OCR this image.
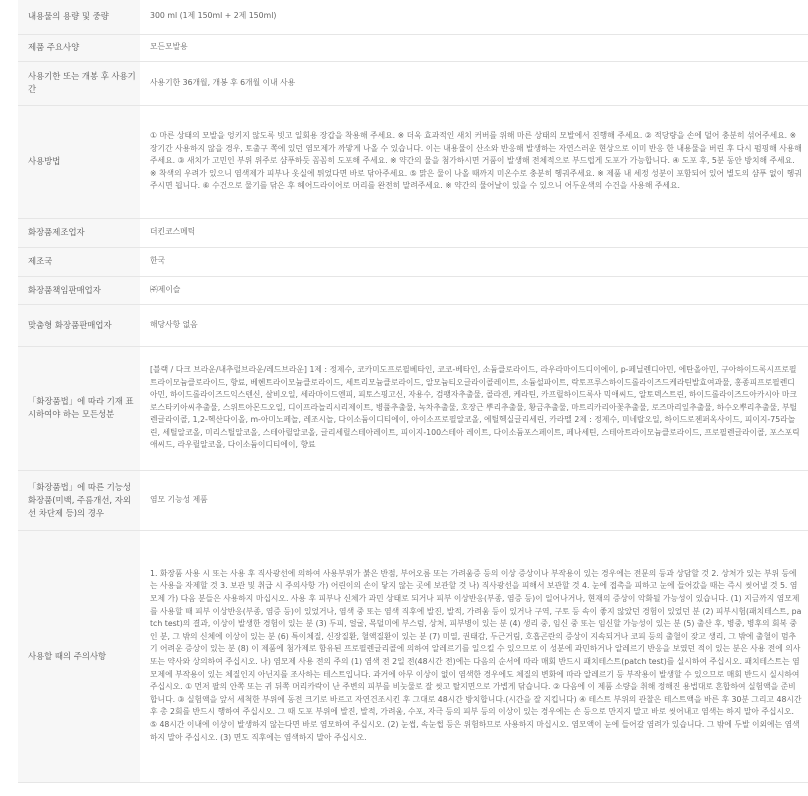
내용물의 용량 및 중량	300 ml (1제 150ml + 2제 150ml)
제품 주요사양	모든모발용
사용기한 또는 개봉 후 사용기간	사용기한 36개월, 개봉 후 6개월 이내 사용
사용방법	① 마른 상태의 모발을 엉키지 않도록 빗고 일회용 장갑을 착용해 주세요. ※ 더욱 효과적인 새치 커버를 위해 마른 상태의 모발에서 진행해 주세요. ② 적당량을 손에 덜어 충분히 섞어주세요. ※ 장기간 사용하지 않을 경우, 토출구 쪽에 있던 염모제가 까맣게 나올 수 있습니다. 이는 내용물이 산소와 반응해 발생하는 자연스러운 현상으로 이미 반응 한 내용물을 버린 후 다시 펌핑해 사용해 주세요. ③ 새치가 고민인 부위 위주로 샴푸하듯 꼼꼼히 도포해 주세요. ※ 약간의 물을 첨가하시면 거품이 발생해 전체적으로 부드럽게 도포가 가능합니다. ④ 도포 후, 5분 동안 방치해 주세요. ※ 착색의 우려가 있으니 염색제가 피부나 옷실에 튀었다면 바로 닦아주세요. ⑤ 맑은 물이 나올 때까지 미온수로 충분히 헹궈주세요. ※ 제품 내 세정 성분이 포함되어 있어 별도의 샴푸 없이 헹궈주시면 됩니다. ⑥ 수건으로 물기를 닦은 후 헤어드라이어로 머리를 완전히 말려주세요. ※ 약간의 물어날이 있을 수 있으니 어두운색의 수건을 사용해 주세요.
화장품제조업자	더킨코스메틱
제조국	한국
화장품책임판매업자	㈜제이슬
맞춤형 화장품판매업자	해당사항 없음
「화장품법」에 따라 기재 표시하여야 하는 모든성분	[블랙 / 다크 브라운/내추럴브라운/레드브라운] 1제 : 정제수, 코카미도프로필베타인, 코코-베타인, 소듐클로라이드, 라우라마이드디이에이, p-페닐렌디아민, 에탄올아민, 구아하이드록시프로필트라이모늄클로라이드, 향료, 베헨트라이모늄클로라이드, 세트리모늄클로라이드, 알모늄티오글라이콜레이트, 소듐설파이트, 락토프루스하이드롤라이즈드케라틴발효여과물, 홍종피프로필렌디아민, 하이드롤라이즈드익스텐신, 살비오일, 세라마이드엔피, 피토스핑고신, 자용수, 검팽자추출물, 콜라겐, 케라틴, 카프릴하이드록사 믹애씨드, 알토덱스트린, 하이드롤라이즈드아카시아 마크로스타키아씨추출물, 스위트아몬드오일, 디이프라놀리시리제이트, 병풀추출물, 녹차추출물, 호장근 뿌리추출물, 황금추출물, 마트리카리아꽃추출물, 로즈마리잎추출물, 하수오뿌리추출물, 부틸렌글라이콜, 1,2-헥산다이올, m-아미노페놀, 레조시놀, 다이소듐이디티에이, 아이소프로필알코올, 에틸헥실글리세린, 카라멜 2제 : 정제수, 미네랄오일, 하이드로젠퍼옥사이드, 피이지-75라놀린, 세틸알코올, 미리스틸알코올, 스테아릴알코올, 글리세릴스테아레이트, 피이지-100스테아 레이트, 다이소듐포스페이트, 페나세틴, 스테아트라이모늄클로라이드, 프로필렌글라이콜, 포스포릭애씨드, 라우릴알코올, 다이소듐이디티에이, 향료
「화장품법」에 따른 기능성 화장품(미백, 주름개선, 자외선 차단제 등)의 경우	염모 기능성 제품
사용할 때의 주의사항	1. 화장품 사용 시 또는 사용 후 직사광선에 의하여 사용부위가 붉은 반점, 부어오름 또는 가려움증 등의 이상 증상이나 부작용이 있는 경우에는 전문의 등과 상담할 것 2. 상처가 있는 부위 등에는 사용을 자제할 것 3. 보관 및 취급 시 주의사항 가) 어린이의 손이 닿지 않는 곳에 보관할 것 나) 직사광선을 피해서 보관할 것 4. 눈에 접촉을 피하고 눈에 들어갔을 때는 즉시 씻어낼 것 5. 염모제 가) 다음 분들은 사용하지 마십시오. 사용 후 피부나 신체가 과민 상태로 되거나 피부 이상반응(부종, 염증 등)이 일어나거나, 현재의 증상이 악화될 가능성이 있습니다. (1) 지금까지 염모제를 사용할 때 피부 이상반응(부종, 염증 등)이 있었거나, 염색 중 또는 염색 직후에 발진, 발적, 가려움 등이 있거나 구역, 구토 등 속이 좋지 않았던 경험이 있었던 분 (2) 피부시험(패치테스트, patch test)의 결과, 이상이 발생한 경험이 있는 분 (3) 두피, 얼굴, 목덜미에 부스럼, 상처, 피부병이 있는 분 (4) 생리 중, 임신 중 또는 임신할 가능성이 있는 분 (5) 출산 후, 병중, 병후의 회복 중인 분, 그 밖의 신체에 이상이 있는 분 (6) 특이체질, 신장질환, 혈액질환이 있는 분 (7) 미열, 권태감, 두근거림, 호흡곤란의 증상이 지속되거나 코피 등의 출혈이 잦고 생리, 그 밖에 출혈이 멈추기 어려운 증상이 있는 분 (8) 이 제품에 첨가제로 함유된 프로필렌글리콜에 의하여 알레르기를 일으킬 수 있으므로 이 성분에 과민하거나 알레르기 반응을 보였던 적이 있는 분은 사용 전에 의사 또는 약사와 상의하여 주십시오. 나) 염모제 사용 전의 주의 (1) 염색 전 2일 전(48시간 전)에는 다음의 순서에 따라 매회 반드시 패치테스트(patch test)를 실시하여 주십시오. 패치테스트는 염모제에 부작용이 있는 체질인지 아닌지를 조사하는 테스트입니다. 과거에 아무 이상이 없이 염색한 경우에도 체질의 변화에 따라 알레르기 등 부작용이 발생할 수 있으므로 매회 반드시 실시하여 주십시오. ① 먼저 팔의 안쪽 또는 귀 뒤쪽 머리카락이 난 주변의 피부를 비눗물로 잘 씻고 탈지면으로 가볍게 닦습니다. ② 다음에 이 제품 소량을 취해 정해진 용법대로 혼합하여 실험액을 준비합니다. ③ 실험액을 앞서 세척한 부위에 동전 크기로 바르고 자연건조시킨 후 그대로 48시간 방치합니다.(시간을 잘 지킵니다) ④ 테스트 부위의 관찰은 테스트액을 바른 후 30분 그리고 48시간 후 총 2회를 반드시 행하여 주십시오. 그 때 도포 부위에 발진, 발적, 가려움, 수포, 자극 등의 피부 등의 이상이 있는 경우에는 손 등으로 만지지 말고 바로 씻어내고 염색는 하지 말아 주십시오. ⑤ 48시간 이내에 이상이 발생하지 않는다면 바로 염모하여 주십시오. (2) 눈썹, 속눈썹 등은 위험하므로 사용하지 마십시오. 염모액이 눈에 들어갈 염려가 있습니다. 그 밖에 두발 이외에는 염색하지 말아 주십시오. (3) 면도 직후에는 염색하지 말아 주십시오.
